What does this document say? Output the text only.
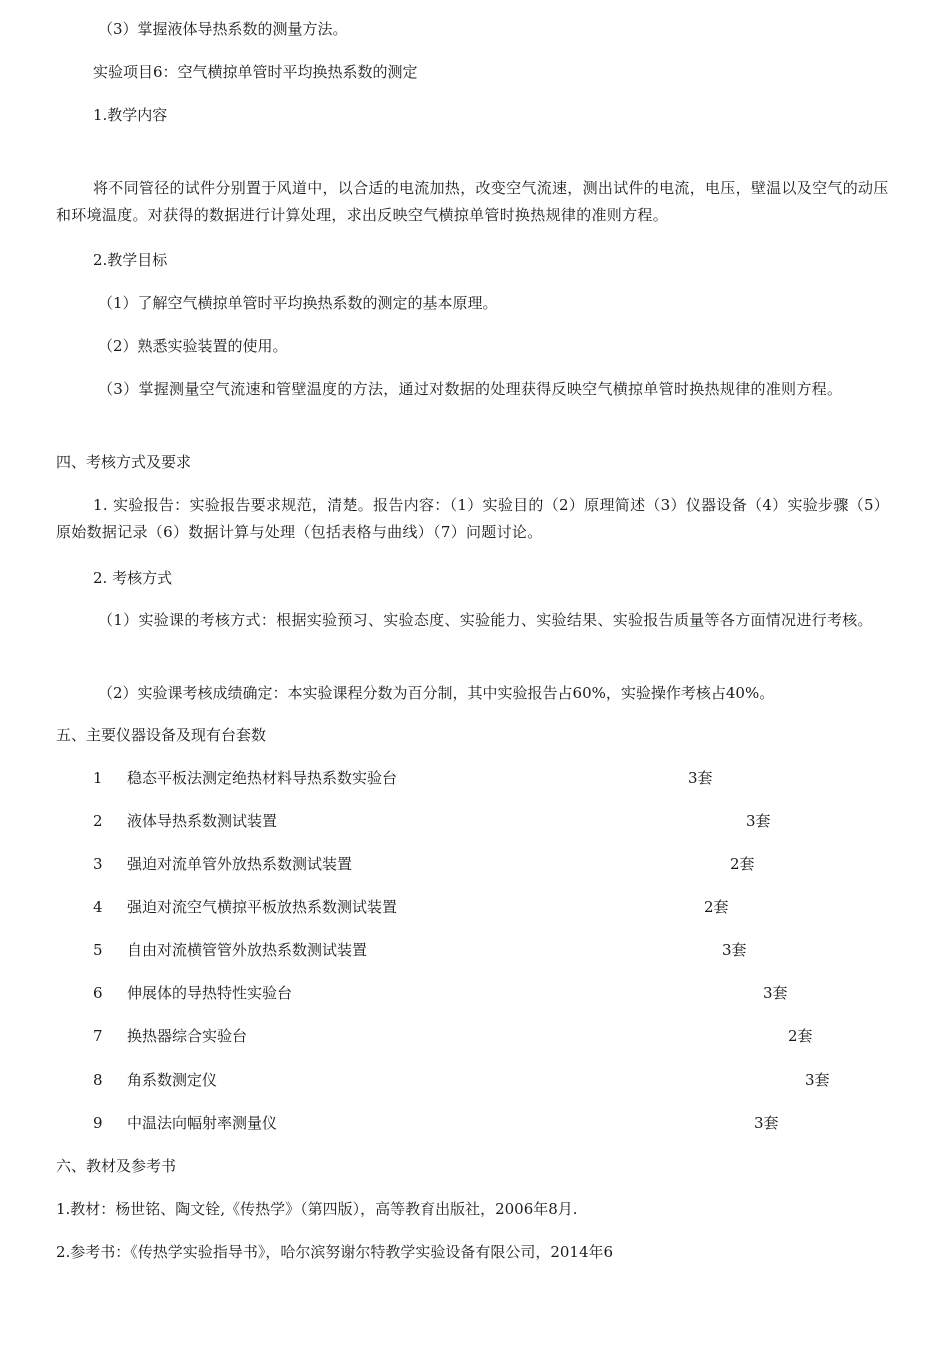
（3）掌握液体导热系数的测量方法。

实验项目6：空气横掠单管时平均换热系数的测定

1.教学内容

将不同管径的试件分别置于风道中，以合适的电流加热，改变空气流速，测出试件的电流，电压，壁温以及空气的动压和环境温度。对获得的数据进行计算处理，求出反映空气横掠单管时换热规律的准则方程。

2.教学目标

（1）了解空气横掠单管时平均换热系数的测定的基本原理。

（2）熟悉实验装置的使用。

（3）掌握测量空气流速和管壁温度的方法，通过对数据的处理获得反映空气横掠单管时换热规律的准则方程。

四、考核方式及要求

1. 实验报告：实验报告要求规范，清楚。报告内容：（1）实验目的（2）原理简述（3）仪器设备（4）实验步骤（5）原始数据记录（6）数据计算与处理（包括表格与曲线）（7）问题讨论。

2. 考核方式

（1）实验课的考核方式：根据实验预习、实验态度、实验能力、实验结果、实验报告质量等各方面情况进行考核。

（2）实验课考核成绩确定：本实验课程分数为百分制，其中实验报告占60%，实验操作考核占40%。

五、主要仪器设备及现有台套数

1 稳态平板法测定绝热材料导热系数实验台	3套
2 液体导热系数测试装置	3套
3 强迫对流单管外放热系数测试装置	2套
4 强迫对流空气横掠平板放热系数测试装置	2套
5 自由对流横管管外放热系数测试装置	3套
6 伸展体的导热特性实验台	3套
7 换热器综合实验台	2套
8 角系数测定仪	3套
9 中温法向幅射率测量仪	3套

六、教材及参考书

1.教材：杨世铭、陶文铨,《传热学》（第四版），高等教育出版社，2006年8月.

2.参考书：《传热学实验指导书》，哈尔滨努谢尔特教学实验设备有限公司，2014年6
